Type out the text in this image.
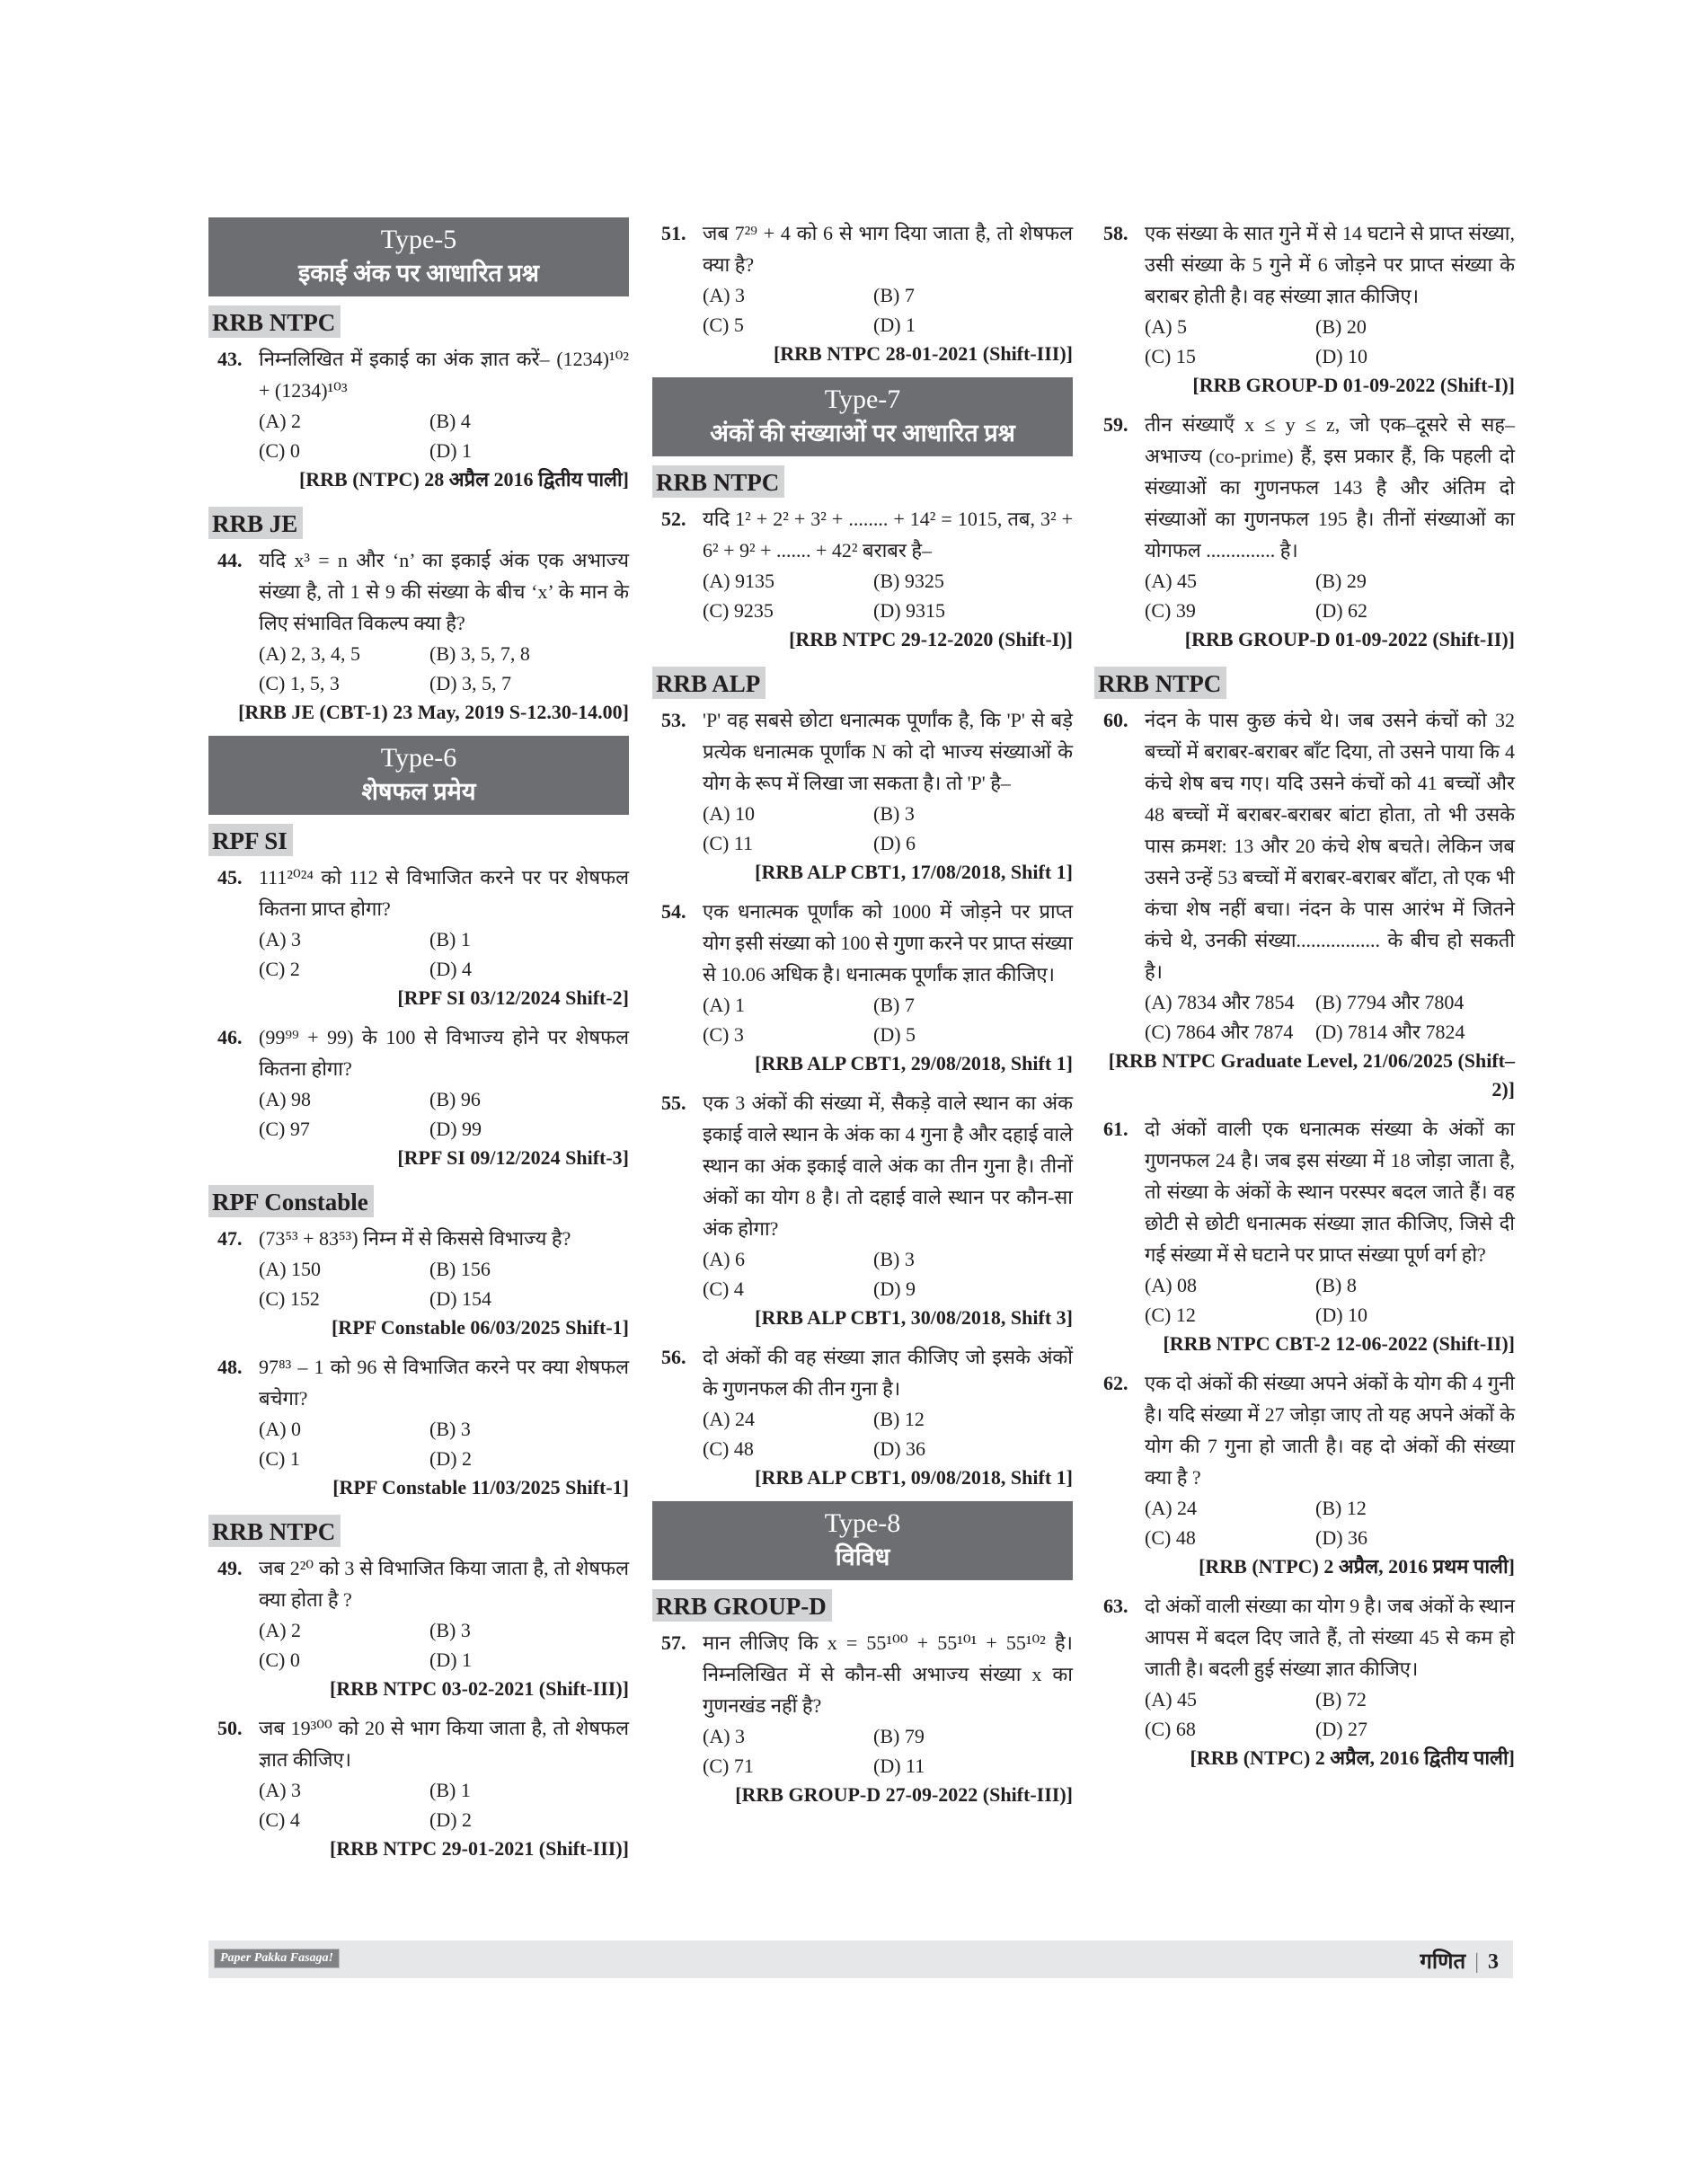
Type-5
इकाई अंक पर आधारित प्रश्न
RRB NTPC
43. निम्नलिखित में इकाई का अंक ज्ञात करें– (1234)¹⁰² + (1234)¹⁰³
(A) 2	(B) 4
(C) 0	(D) 1
[RRB (NTPC) 28 अप्रैल 2016 द्वितीय पाली]
RRB JE
44. यदि x³ = n और ‘n’ का इकाई अंक एक अभाज्य संख्या है, तो 1 से 9 की संख्या के बीच ‘x’ के मान के लिए संभावित विकल्प क्या है?
(A) 2, 3, 4, 5	(B) 3, 5, 7, 8
(C) 1, 5, 3	(D) 3, 5, 7
[RRB JE (CBT-1) 23 May, 2019 S-12.30-14.00]
Type-6
शेषफल प्रमेय
RPF SI
45. 111²⁰²⁴ को 112 से विभाजित करने पर पर शेषफल कितना प्राप्त होगा?
(A) 3	(B) 1
(C) 2	(D) 4
[RPF SI 03/12/2024 Shift-2]
46. (99⁹⁹ + 99) के 100 से विभाज्य होने पर शेषफल कितना होगा?
(A) 98	(B) 96
(C) 97	(D) 99
[RPF SI 09/12/2024 Shift-3]
RPF Constable
47. (73⁵³ + 83⁵³) निम्न में से किससे विभाज्य है?
(A) 150	(B) 156
(C) 152	(D) 154
[RPF Constable 06/03/2025 Shift-1]
48. 97⁸³ – 1 को 96 से विभाजित करने पर क्या शेषफल बचेगा?
(A) 0	(B) 3
(C) 1	(D) 2
[RPF Constable 11/03/2025 Shift-1]
RRB NTPC
49. जब 2²⁰ को 3 से विभाजित किया जाता है, तो शेषफल क्या होता है ?
(A) 2	(B) 3
(C) 0	(D) 1
[RRB NTPC 03-02-2021 (Shift-III)]
50. जब 19³⁰⁰ को 20 से भाग किया जाता है, तो शेषफल ज्ञात कीजिए।
(A) 3	(B) 1
(C) 4	(D) 2
[RRB NTPC 29-01-2021 (Shift-III)]
51. जब 7²⁹ + 4 को 6 से भाग दिया जाता है, तो शेषफल क्या है?
(A) 3	(B) 7
(C) 5	(D) 1
[RRB NTPC 28-01-2021 (Shift-III)]
Type-7
अंकों की संख्याओं पर आधारित प्रश्न
RRB NTPC
52. यदि 1² + 2² + 3² + ........ + 14² = 1015, तब, 3² + 6² + 9² + ....... + 42² बराबर है–
(A) 9135	(B) 9325
(C) 9235	(D) 9315
[RRB NTPC 29-12-2020 (Shift-I)]
RRB ALP
53. 'P' वह सबसे छोटा धनात्मक पूर्णांक है, कि 'P' से बड़े प्रत्येक धनात्मक पूर्णांक N को दो भाज्य संख्याओं के योग के रूप में लिखा जा सकता है। तो 'P' है–
(A) 10	(B) 3
(C) 11	(D) 6
[RRB ALP CBT1, 17/08/2018, Shift 1]
54. एक धनात्मक पूर्णांक को 1000 में जोड़ने पर प्राप्त योग इसी संख्या को 100 से गुणा करने पर प्राप्त संख्या से 10.06 अधिक है। धनात्मक पूर्णांक ज्ञात कीजिए।
(A) 1	(B) 7
(C) 3	(D) 5
[RRB ALP CBT1, 29/08/2018, Shift 1]
55. एक 3 अंकों की संख्या में, सैकड़े वाले स्थान का अंक इकाई वाले स्थान के अंक का 4 गुना है और दहाई वाले स्थान का अंक इकाई वाले अंक का तीन गुना है। तीनों अंकों का योग 8 है। तो दहाई वाले स्थान पर कौन-सा अंक होगा?
(A) 6	(B) 3
(C) 4	(D) 9
[RRB ALP CBT1, 30/08/2018, Shift 3]
56. दो अंकों की वह संख्या ज्ञात कीजिए जो इसके अंकों के गुणनफल की तीन गुना है।
(A) 24	(B) 12
(C) 48	(D) 36
[RRB ALP CBT1, 09/08/2018, Shift 1]
Type-8
विविध
RRB GROUP-D
57. मान लीजिए कि x = 55¹⁰⁰ + 55¹⁰¹ + 55¹⁰² है। निम्नलिखित में से कौन-सी अभाज्य संख्या x का गुणनखंड नहीं है?
(A) 3	(B) 79
(C) 71	(D) 11
[RRB GROUP-D 27-09-2022 (Shift-III)]
58. एक संख्या के सात गुने में से 14 घटाने से प्राप्त संख्या, उसी संख्या के 5 गुने में 6 जोड़ने पर प्राप्त संख्या के बराबर होती है। वह संख्या ज्ञात कीजिए।
(A) 5	(B) 20
(C) 15	(D) 10
[RRB GROUP-D 01-09-2022 (Shift-I)]
59. तीन संख्याएँ x ≤ y ≤ z, जो एक–दूसरे से सह–अभाज्य (co-prime) हैं, इस प्रकार हैं, कि पहली दो संख्याओं का गुणनफल 143 है और अंतिम दो संख्याओं का गुणनफल 195 है। तीनों संख्याओं का योगफल .............. है।
(A) 45	(B) 29
(C) 39	(D) 62
[RRB GROUP-D 01-09-2022 (Shift-II)]
RRB NTPC
60. नंदन के पास कुछ कंचे थे। जब उसने कंचों को 32 बच्चों में बराबर-बराबर बाँट दिया, तो उसने पाया कि 4 कंचे शेष बच गए। यदि उसने कंचों को 41 बच्चों और 48 बच्चों में बराबर-बराबर बांटा होता, तो भी उसके पास क्रमश: 13 और 20 कंचे शेष बचते। लेकिन जब उसने उन्हें 53 बच्चों में बराबर-बराबर बाँटा, तो एक भी कंचा शेष नहीं बचा। नंदन के पास आरंभ में जितने कंचे थे, उनकी संख्या................. के बीच हो सकती है।
(A) 7834 और 7854	(B) 7794 और 7804
(C) 7864 और 7874	(D) 7814 और 7824
[RRB NTPC Graduate Level, 21/06/2025 (Shift–2)]
61. दो अंकों वाली एक धनात्मक संख्या के अंकों का गुणनफल 24 है। जब इस संख्या में 18 जोड़ा जाता है, तो संख्या के अंकों के स्थान परस्पर बदल जाते हैं। वह छोटी से छोटी धनात्मक संख्या ज्ञात कीजिए, जिसे दी गई संख्या में से घटाने पर प्राप्त संख्या पूर्ण वर्ग हो?
(A) 08	(B) 8
(C) 12	(D) 10
[RRB NTPC CBT-2 12-06-2022 (Shift-II)]
62. एक दो अंकों की संख्या अपने अंकों के योग की 4 गुनी है। यदि संख्या में 27 जोड़ा जाए तो यह अपने अंकों के योग की 7 गुना हो जाती है। वह दो अंकों की संख्या क्या है ?
(A) 24	(B) 12
(C) 48	(D) 36
[RRB (NTPC) 2 अप्रैल, 2016 प्रथम पाली]
63. दो अंकों वाली संख्या का योग 9 है। जब अंकों के स्थान आपस में बदल दिए जाते हैं, तो संख्या 45 से कम हो जाती है। बदली हुई संख्या ज्ञात कीजिए।
(A) 45	(B) 72
(C) 68	(D) 27
[RRB (NTPC) 2 अप्रैल, 2016 द्वितीय पाली]
Paper Pakka Fasaga!	गणित | 3
